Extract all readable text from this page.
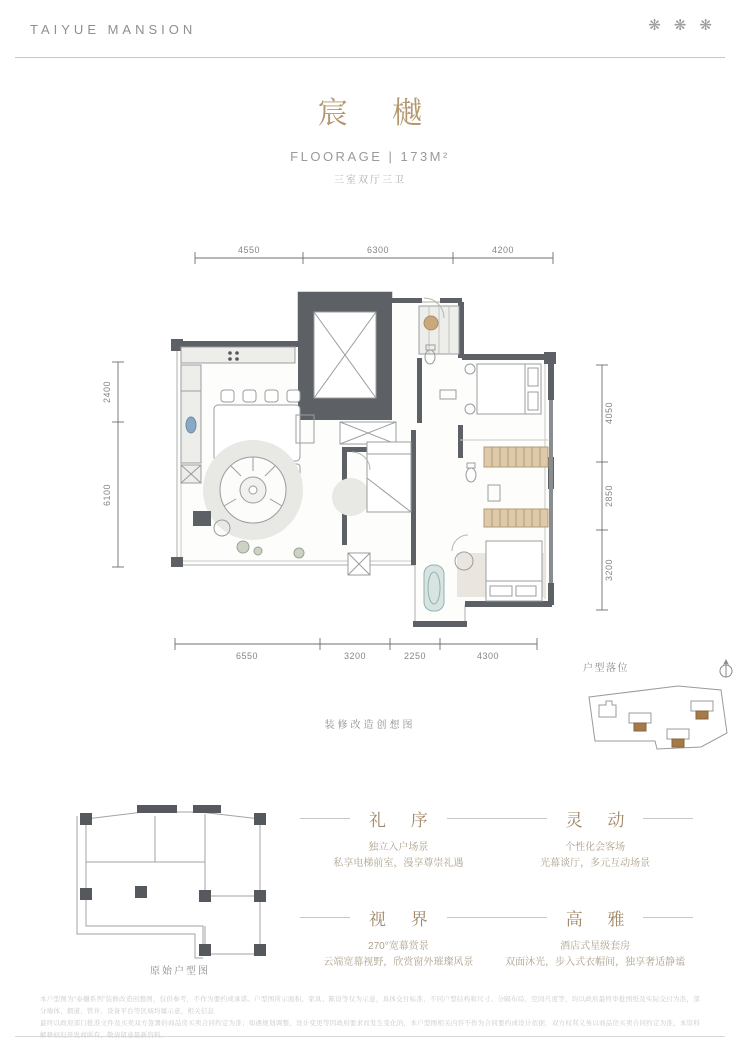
TAIYUE MANSION	❋ ❋ ❋
宸 樾
FLOORAGE | 173M²
三室双厅三卫
4550	6300	4200
2400
6100
4050
2850
3200
6550	3200	2250	4300
装修改造创想图
户型落位
原始户型图
礼 序

独立入户场景

私享电梯前室，漫享尊崇礼遇

灵 动

个性化会客场

光幕谈厅，多元互动场景

视 界

270°宽幕赏景

云端宽幕视野，欣赏窗外璀璨风景

高 雅

酒店式星级套房

双面沐光，步入式衣帽间，独享奢适静谧

本户型图为“泰樾系列”装修改造创想图，仅供参考，不作为要约或承诺。户型图所示面积、家具、陈设等仅为示意，具体交付标准、不同户型结构和尺寸、分隔布局、空间尺度等，均以政府最终审批图纸及实际交付为准，部分墙体、烟道、管井、设备平台等区域均属示意，相关信息
最终以政府部门批准文件及买卖双方签署的商品房买卖合同约定为准；如遇规划调整、设计变更等因政府要求而发生变化的，本户型图相关内容不作为合同要约或设计依据，双方权利义务以商品房买卖合同约定为准，本资料解释权归开发商所有，敬请留意最新资料。
